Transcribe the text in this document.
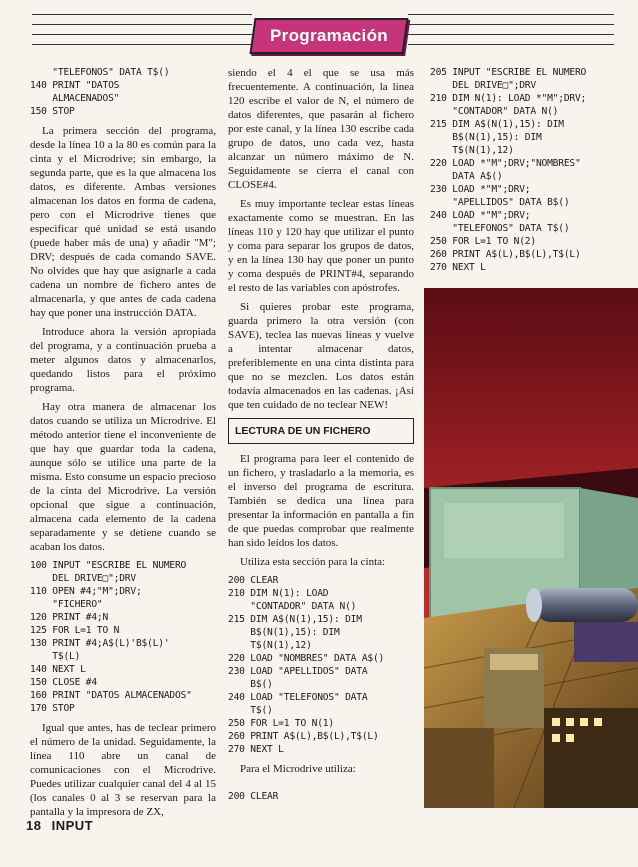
Programación
"TELEFONOS" DATA T$()
140 PRINT "DATOS
ALMACENADOS"
150 STOP

La primera sección del programa, desde la línea 10 a la 80 es común para la cinta y el Microdrive; sin embargo, la segunda parte, que es la que almacena los datos, es diferente. Ambas versiones almacenan los datos en forma de cadena, pero con el Microdrive tienes que especificar qué unidad se está usando (puede haber más de una) y añadir "M"; DRV; después de cada comando SAVE. No olvides que hay que asignarle a cada cadena un nombre de fichero antes de almacenarla, y que antes de cada cadena hay que poner una instrucción DATA.

Introduce ahora la versión apropiada del programa, y a continuación prueba a meter algunos datos y almacenarlos, quedando listos para el próximo programa.

Hay otra manera de almacenar los datos cuando se utiliza un Microdrive. El método anterior tiene el inconveniente de que hay que guardar toda la cadena, aunque sólo se utilice una parte de la misma. Esto consume un espacio precioso de la cinta del Microdrive. La versión opcional que sigue a continuación, almacena cada elemento de la cadena separadamente y se detiene cuando se acaban los datos.

100 INPUT "ESCRIBE EL NUMERO
DEL DRIVE□";DRV
110 OPEN #4;"M";DRV;
"FICHERO"
120 PRINT #4;N
125 FOR L=1 TO N
130 PRINT #4;A$(L)'B$(L)'
T$(L)
140 NEXT L
150 CLOSE #4
160 PRINT "DATOS ALMACENADOS"
170 STOP

Igual que antes, has de teclear primero el número de la unidad. Seguidamente, la línea 110 abre un canal de comunicaciones con el Microdrive. Puedes utilizar cualquier canal del 4 al 15 (los canales 0 al 3 se reservan para la pantalla y la impresora de ZX,

siendo el 4 el que se usa más frecuentemente. A continuación, la línea 120 escribe el valor de N, el número de datos diferentes, que pasarán al fichero por este canal, y la línea 130 escribe cada grupo de datos, uno cada vez, hasta alcanzar un número máximo de N. Seguidamente se cierra el canal con CLOSE#4.

Es muy importante teclear estas líneas exactamente como se muestran. En las líneas 110 y 120 hay que utilizar el punto y coma para separar los grupos de datos, y en la línea 130 hay que poner un punto y coma después de PRINT#4, separando el resto de las variables con apóstrofes.

Si quieres probar este programa, guarda primero la otra versión (con SAVE), teclea las nuevas líneas y vuelve a intentar almacenar datos, preferiblemente en una cinta distinta para que no se mezclen. Los datos están todavía almacenados en las cadenas. ¡Así que ten cuidado de no teclear NEW!

LECTURA DE UN FICHERO

El programa para leer el contenido de un fichero, y trasladarlo a la memoria, es el inverso del programa de escritura. También se dedica una línea para presentar la información en pantalla a fin de que puedas comprobar que realmente han sido leídos los datos.

Utiliza esta sección para la cinta:

200 CLEAR
210 DIM N(1): LOAD
"CONTADOR" DATA N()
215 DIM A$(N(1),15): DIM
B$(N(1),15): DIM
T$(N(1),12)
220 LOAD "NOMBRES" DATA A$()
230 LOAD "APELLIDOS" DATA
B$()
240 LOAD "TELEFONOS" DATA
T$()
250 FOR L=1 TO N(1)
260 PRINT A$(L),B$(L),T$(L)
270 NEXT L

Para el Microdrive utiliza:

200 CLEAR
205 INPUT "ESCRIBE EL NUMERO
DEL DRIVE□";DRV
210 DIM N(1): LOAD *"M";DRV;
"CONTADOR" DATA N()
215 DIM A$(N(1),15): DIM
B$(N(1),15): DIM
T$(N(1),12)
220 LOAD *"M";DRV;"NOMBRES"
DATA A$()
230 LOAD *"M";DRV;
"APELLIDOS" DATA B$()
240 LOAD *"M";DRV;
"TELEFONOS" DATA T$()
250 FOR L=1 TO N(2)
260 PRINT A$(L),B$(L),T$(L)
270 NEXT L
18 INPUT
